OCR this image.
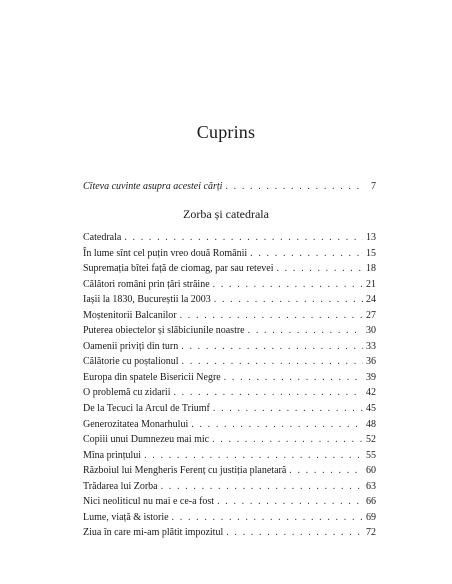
Cuprins
Cîteva cuvinte asupra acestei cărți . . .	7
Zorba și catedrala
Catedrala . . .	13
În lume sînt cel puțin vreo două Românii . . .	15
Supremația bîtei față de ciomag, par sau retevei . . .	18
Călători români prin țări străine . . .	21
Iașii la 1830, Bucureștii la 2003 . . .	24
Moștenitorii Balcanilor . . .	27
Puterea obiectelor și slăbiciunile noastre . . .	30
Oamenii priviți din turn . . .	33
Călătorie cu poștalionul . . .	36
Europa din spatele Bisericii Negre . . .	39
O problemă cu zidarii . . .	42
De la Tecuci la Arcul de Triumf . . .	45
Generozitatea Monarhului . . .	48
Copiii unui Dumnezeu mai mic . . .	52
Mîna prințului . . .	55
Războiul lui Mengheris Ferenț cu justiția planetară . . .	60
Trădarea lui Zorba . . .	63
Nici neoliticul nu mai e ce-a fost . . .	66
Lume, viață & istorie . . .	69
Ziua în care mi-am plătit impozitul . . .	72
